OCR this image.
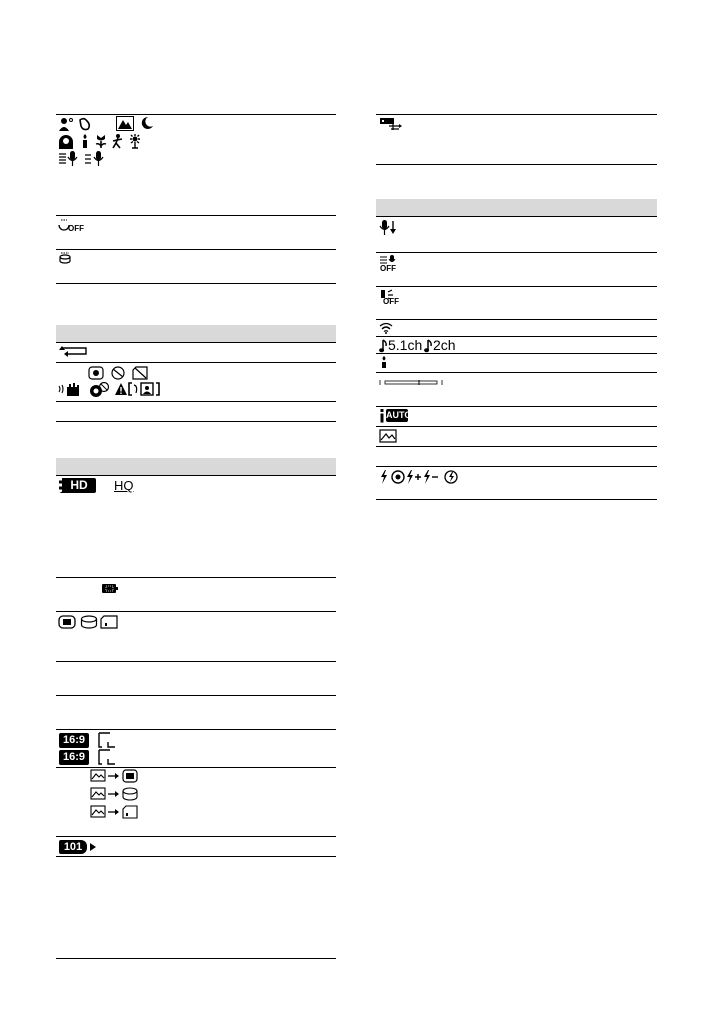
OFF
HD	HQ
16:9
16:9
101
OFF
OFF
5.1ch 2ch
AUTO
